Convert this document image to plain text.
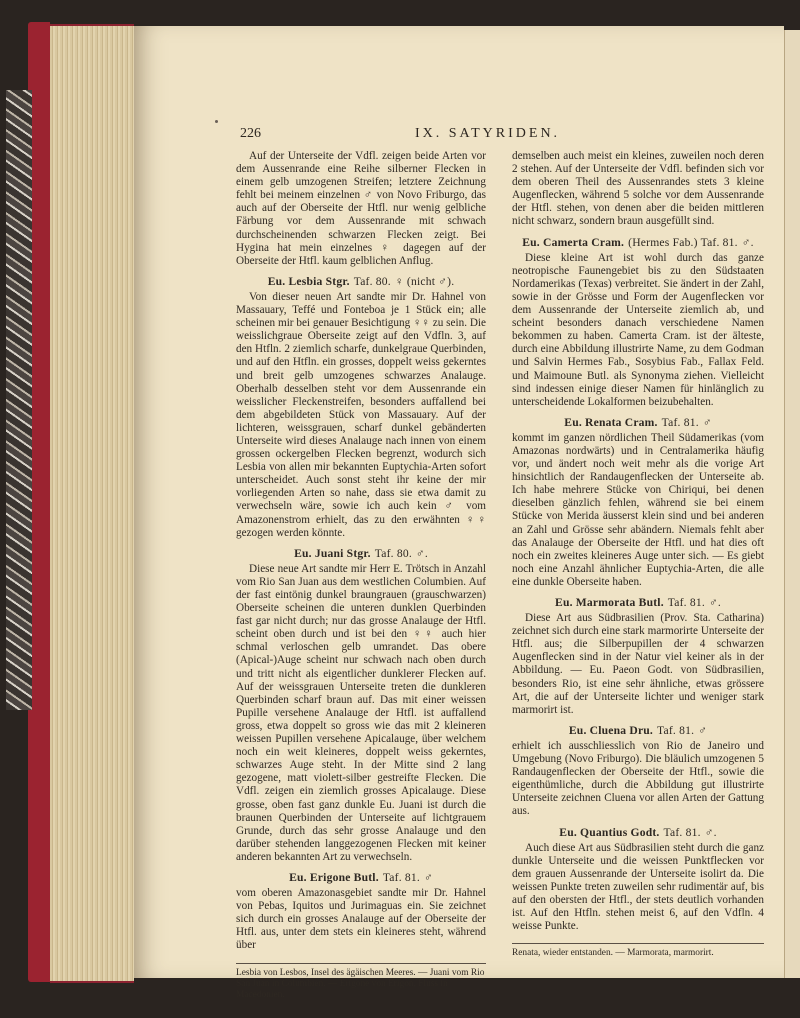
226	IX. SATYRIDEN.

Auf der Unterseite der Vdfl. zeigen beide Arten vor dem Aussenrande eine Reihe silberner Flecken in einem gelb umzogenen Streifen; letztere Zeichnung fehlt bei meinem einzelnen ♂ von Novo Friburgo, das auch auf der Oberseite der Htfl. nur wenig gelbliche Färbung vor dem Aussenrande mit schwach durchscheinenden schwarzen Flecken zeigt. Bei Hygina hat mein einzelnes ♀ dagegen auf der Oberseite der Htfl. kaum gelblichen Anflug.

Eu. Lesbia Stgr. Taf. 80. ♀ (nicht ♂).

Von dieser neuen Art sandte mir Dr. Hahnel von Massauary, Teffé und Fonteboa je 1 Stück ein; alle scheinen mir bei genauer Besichtigung ♀♀ zu sein. Die weisslichgraue Oberseite zeigt auf den Vdfln. 3, auf den Htfln. 2 ziemlich scharfe, dunkelgraue Querbinden, und auf den Htfln. ein grosses, doppelt weiss gekerntes und breit gelb umzogenes schwarzes Analauge. Oberhalb desselben steht vor dem Aussenrande ein weisslicher Fleckenstreifen, besonders auffallend bei dem abgebildeten Stück von Massauary. Auf der lichteren, weissgrauen, scharf dunkel gebänderten Unterseite wird dieses Analauge nach innen von einem grossen ockergelben Flecken begrenzt, wodurch sich Lesbia von allen mir bekannten Euptychia-Arten sofort unterscheidet. Auch sonst steht ihr keine der mir vorliegenden Arten so nahe, dass sie etwa damit zu verwechseln wäre, sowie ich auch kein ♂ vom Amazonenstrom erhielt, das zu den erwähnten ♀♀ gezogen werden könnte.

Eu. Juani Stgr. Taf. 80. ♂.

Diese neue Art sandte mir Herr E. Trötsch in Anzahl vom Rio San Juan aus dem westlichen Columbien. Auf der fast eintönig dunkel braungrauen (grauschwarzen) Oberseite scheinen die unteren dunklen Querbinden fast gar nicht durch; nur das grosse Analauge der Htfl. scheint oben durch und ist bei den ♀♀ auch hier schmal verloschen gelb umrandet. Das obere (Apical-)Auge scheint nur schwach nach oben durch und tritt nicht als eigentlicher dunklerer Flecken auf. Auf der weissgrauen Unterseite treten die dunkleren Querbinden scharf braun auf. Das mit einer weissen Pupille versehene Analauge der Htfl. ist auffallend gross, etwa doppelt so gross wie das mit 2 kleineren weissen Pupillen versehene Apicalauge, über welchem noch ein weit kleineres, doppelt weiss gekerntes, schwarzes Auge steht. In der Mitte sind 2 lang gezogene, matt violett-silber gestreifte Flecken. Die Vdfl. zeigen ein ziemlich grosses Apicalauge. Diese grosse, oben fast ganz dunkle Eu. Juani ist durch die braunen Querbinden der Unterseite auf lichtgrauem Grunde, durch das sehr grosse Analauge und den darüber stehenden langgezogenen Flecken mit keiner anderen bekannten Art zu verwechseln.

Eu. Erigone Butl. Taf. 81. ♂

vom oberen Amazonasgebiet sandte mir Dr. Hahnel von Pebas, Iquitos und Jurimaguas ein. Sie zeichnet sich durch ein grosses Analauge auf der Oberseite der Htfl. aus, unter dem stets ein kleineres steht, während über

Lesbia von Lesbos, Insel des ägäischen Meeres. — Juani vom Rio San Juan in Columbien. — Erigone von Erigon, Fluss in Macedonien.

demselben auch meist ein kleines, zuweilen noch deren 2 stehen. Auf der Unterseite der Vdfl. befinden sich vor dem oberen Theil des Aussenrandes stets 3 kleine Augenflecken, während 5 solche vor dem Aussenrande der Htfl. stehen, von denen aber die beiden mittleren nicht schwarz, sondern braun ausgefüllt sind.

Eu. Camerta Cram. (Hermes Fab.) Taf. 81. ♂.

Diese kleine Art ist wohl durch das ganze neotropische Faunengebiet bis zu den Südstaaten Nordamerikas (Texas) verbreitet. Sie ändert in der Zahl, sowie in der Grösse und Form der Augenflecken vor dem Aussenrande der Unterseite ziemlich ab, und scheint besonders danach verschiedene Namen bekommen zu haben. Camerta Cram. ist der älteste, durch eine Abbildung illustrirte Name, zu dem Godman und Salvin Hermes Fab., Sosybius Fab., Fallax Feld. und Maimoune Butl. als Synonyma ziehen. Vielleicht sind indessen einige dieser Namen für hinlänglich zu unterscheidende Lokalformen beizubehalten.

Eu. Renata Cram. Taf. 81. ♂

kommt im ganzen nördlichen Theil Südamerikas (vom Amazonas nordwärts) und in Centralamerika häufig vor, und ändert noch weit mehr als die vorige Art hinsichtlich der Randaugenflecken der Unterseite ab. Ich habe mehrere Stücke von Chiriqui, bei denen dieselben gänzlich fehlen, während sie bei einem Stücke von Merida äusserst klein sind und bei anderen an Zahl und Grösse sehr abändern. Niemals fehlt aber das Analauge der Oberseite der Htfl. und hat dies oft noch ein zweites kleineres Auge unter sich. — Es giebt noch eine Anzahl ähnlicher Euptychia-Arten, die alle eine dunkle Oberseite haben.

Eu. Marmorata Butl. Taf. 81. ♂.

Diese Art aus Südbrasilien (Prov. Sta. Catharina) zeichnet sich durch eine stark marmorirte Unterseite der Htfl. aus; die Silberpupillen der 4 schwarzen Augenflecken sind in der Natur viel keiner als in der Abbildung. — Eu. Paeon Godt. von Südbrasilien, besonders Rio, ist eine sehr ähnliche, etwas grössere Art, die auf der Unterseite lichter und weniger stark marmorirt ist.

Eu. Cluena Dru. Taf. 81. ♂

erhielt ich ausschliesslich von Rio de Janeiro und Umgebung (Novo Friburgo). Die bläulich umzogenen 5 Randaugenflecken der Oberseite der Htfl., sowie die eigenthümliche, durch die Abbildung gut illustrirte Unterseite zeichnen Cluena vor allen Arten der Gattung aus.

Eu. Quantius Godt. Taf. 81. ♂.

Auch diese Art aus Südbrasilien steht durch die ganz dunkle Unterseite und die weissen Punktflecken vor dem grauen Aussenrande der Unterseite isolirt da. Die weissen Punkte treten zuweilen sehr rudimentär auf, bis auf den obersten der Htfl., der stets deutlich vorhanden ist. Auf den Htfln. stehen meist 6, auf den Vdfln. 4 weisse Punkte.

Renata, wieder entstanden. — Marmorata, marmorirt.
